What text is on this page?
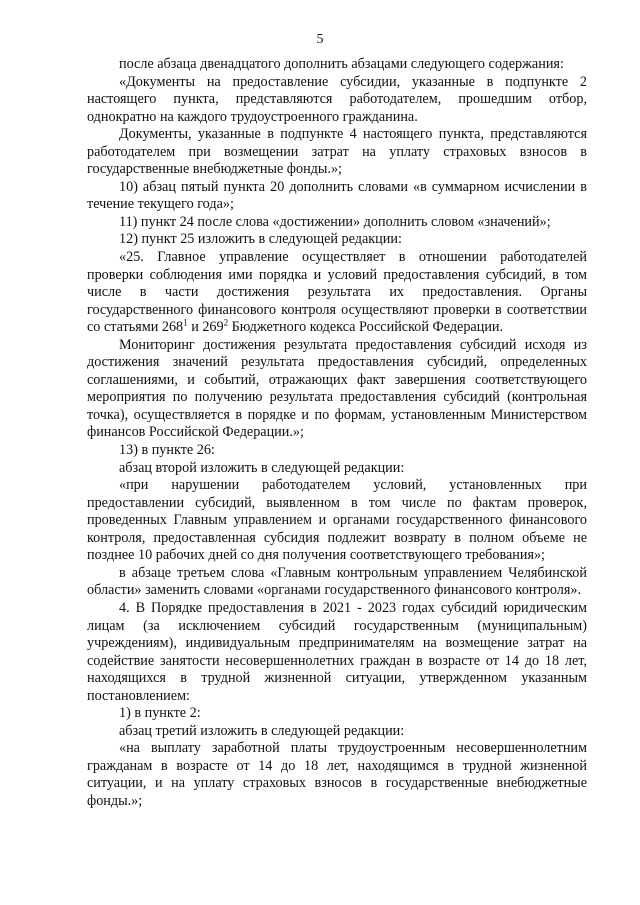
5

после абзаца двенадцатого дополнить абзацами следующего содержания:

«Документы на предоставление субсидии, указанные в подпункте 2 настоящего пункта, представляются работодателем, прошедшим отбор, однократно на каждого трудоустроенного гражданина.

Документы, указанные в подпункте 4 настоящего пункта, представляются работодателем при возмещении затрат на уплату страховых взносов в государственные внебюджетные фонды.»;

10) абзац пятый пункта 20 дополнить словами «в суммарном исчислении в течение текущего года»;

11) пункт 24 после слова «достижении» дополнить словом «значений»;

12) пункт 25 изложить в следующей редакции:

«25. Главное управление осуществляет в отношении работодателей проверки соблюдения ими порядка и условий предоставления субсидий, в том числе в части достижения результата их предоставления. Органы государственного финансового контроля осуществляют проверки в соответствии со статьями $268^1$ и $269^2$ Бюджетного кодекса Российской Федерации.

Мониторинг достижения результата предоставления субсидий исходя из достижения значений результата предоставления субсидий, определенных соглашениями, и событий, отражающих факт завершения соответствующего мероприятия по получению результата предоставления субсидий (контрольная точка), осуществляется в порядке и по формам, установленным Министерством финансов Российской Федерации.»;

13) в пункте 26:

абзац второй изложить в следующей редакции:

«при нарушении работодателем условий, установленных при предоставлении субсидий, выявленном в том числе по фактам проверок, проведенных Главным управлением и органами государственного финансового контроля, предоставленная субсидия подлежит возврату в полном объеме не позднее 10 рабочих дней со дня получения соответствующего требования»;

в абзаце третьем слова «Главным контрольным управлением Челябинской области» заменить словами «органами государственного финансового контроля».

4. В Порядке предоставления в 2021 - 2023 годах субсидий юридическим лицам (за исключением субсидий государственным (муниципальным) учреждениям), индивидуальным предпринимателям на возмещение затрат на содействие занятости несовершеннолетних граждан в возрасте от 14 до 18 лет, находящихся в трудной жизненной ситуации, утвержденном указанным постановлением:

1) в пункте 2:

абзац третий изложить в следующей редакции:

«на выплату заработной платы трудоустроенным несовершеннолетним гражданам в возрасте от 14 до 18 лет, находящимся в трудной жизненной ситуации, и на уплату страховых взносов в государственные внебюджетные фонды.»;
